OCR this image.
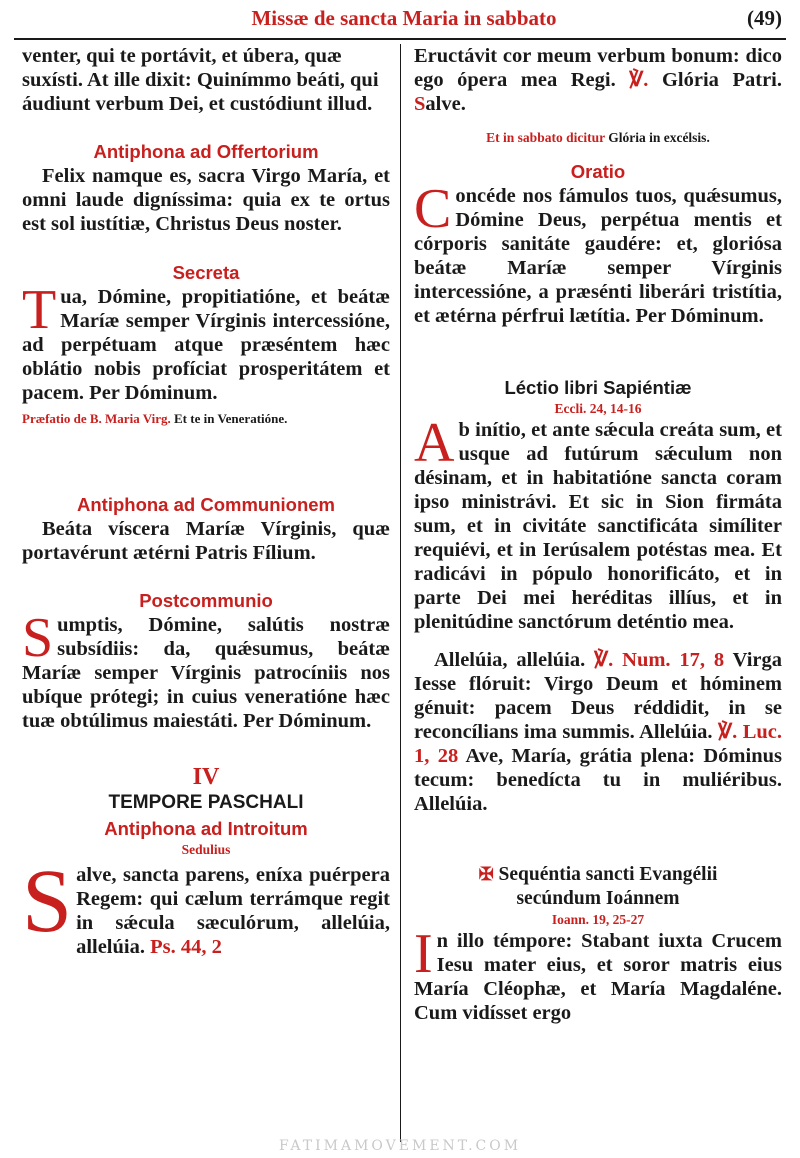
Missæ de sancta Maria in sabbato	(49)

venter, qui te portávit, et úbera, quæ suxísti. At ille dixit: Quinímmo beáti, qui áudiunt verbum Dei, et custódiunt illud.

Antiphona ad Offertorium

Felix namque es, sacra Virgo María, et omni laude digníssima: quia ex te ortus est sol iustítiæ, Christus Deus noster.

Secreta

Tua, Dómine, propitiatióne, et beátæ Maríæ semper Vírginis intercessióne, ad perpétuam atque præséntem hæc oblátio nobis profíciat prosperitátem et pacem. Per Dóminum.

Præfatio de B. Maria Virg. Et te in Veneratióne.

Antiphona ad Communionem

Beáta víscera Maríæ Vírginis, quæ portavérunt ætérni Patris Fílium.

Postcommunio

Sumptis, Dómine, salútis nostræ subsídiis: da, quǽsumus, beátæ Maríæ semper Vírginis patrocíniis nos ubíque prótegi; in cuius veneratióne hæc tuæ obtúlimus maiestáti. Per Dóminum.

IV

TEMPORE PASCHALI

Antiphona ad Introitum

Sedulius

Salve, sancta parens, eníxa puérpera Regem: qui cælum terrámque regit in sǽcula sæculórum, allelúia, allelúia. Ps. 44, 2

Eructávit cor meum verbum bonum: dico ego ópera mea Regi. ℣. Glória Patri. Salve.

Et in sabbato dicitur Glória in excélsis.

Oratio

Concéde nos fámulos tuos, quǽsumus, Dómine Deus, perpétua mentis et córporis sanitáte gaudére: et, gloriósa beátæ Maríæ semper Vírginis intercessióne, a præsénti liberári tristítia, et ætérna pérfrui lætítia. Per Dóminum.

Léctio libri Sapiéntiæ

Eccli. 24, 14-16

Ab inítio, et ante sǽcula creáta sum, et usque ad futúrum sǽculum non désinam, et in habitatióne sancta coram ipso ministrávi. Et sic in Sion firmáta sum, et in civitáte sanctificáta simíliter requiévi, et in Ierúsalem potéstas mea. Et radicávi in pópulo honorificáto, et in parte Dei mei heréditas illíus, et in plenitúdine sanctórum deténtio mea.

Allelúia, allelúia. ℣. Num. 17, 8 Virga Iesse flóruit: Virgo Deum et hóminem génuit: pacem Deus réddidit, in se reconcílians ima summis. Allelúia. ℣. Luc. 1, 28 Ave, María, grátia plena: Dóminus tecum: benedícta tu in muliéribus. Allelúia.

✠ Sequéntia sancti Evangélii

secúndum Ioánnem

Ioann. 19, 25-27

In illo témpore: Stabant iuxta Crucem Iesu mater eius, et soror matris eius María Cléophæ, et María Magdaléne. Cum vidísset ergo

FATIMAMOVEMENT.COM
